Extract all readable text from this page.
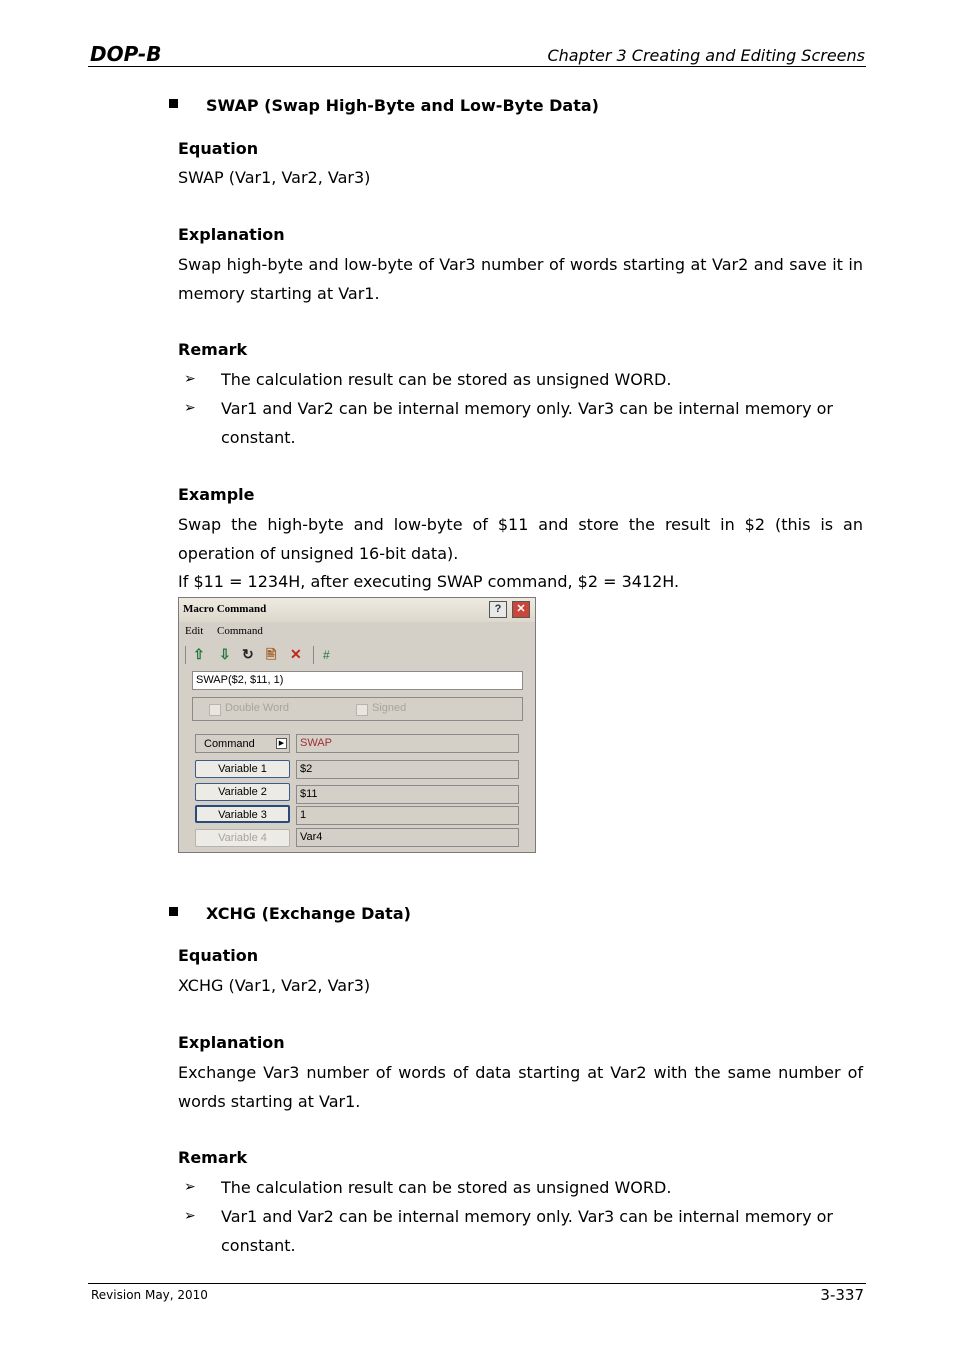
DOP-B	Chapter 3 Creating and Editing Screens
SWAP (Swap High-Byte and Low-Byte Data)
Equation
SWAP (Var1, Var2, Var3)
Explanation
Swap high-byte and low-byte of Var3 number of words starting at Var2 and save it in memory starting at Var1.
Remark
➢ The calculation result can be stored as unsigned WORD.
➢ Var1 and Var2 can be internal memory only. Var3 can be internal memory or constant.
Example
Swap the high-byte and low-byte of $11 and store the result in $2 (this is an operation of unsigned 16-bit data).
If $11 = 1234H, after executing SWAP command, $2 = 3412H.
Macro Command	?	✕
Edit Command
⇧ ⇩ ↻ 🖹 ✕ #
SWAP($2, $11, 1)
Double Word	Signed
Command	▶	SWAP
Variable 1	$2
Variable 2	$11
Variable 3	1
Variable 4	Var4
XCHG (Exchange Data)
Equation
XCHG (Var1, Var2, Var3)
Explanation
Exchange Var3 number of words of data starting at Var2 with the same number of words starting at Var1.
Remark
➢ The calculation result can be stored as unsigned WORD.
➢ Var1 and Var2 can be internal memory only. Var3 can be internal memory or constant.
Revision May, 2010	3-337
